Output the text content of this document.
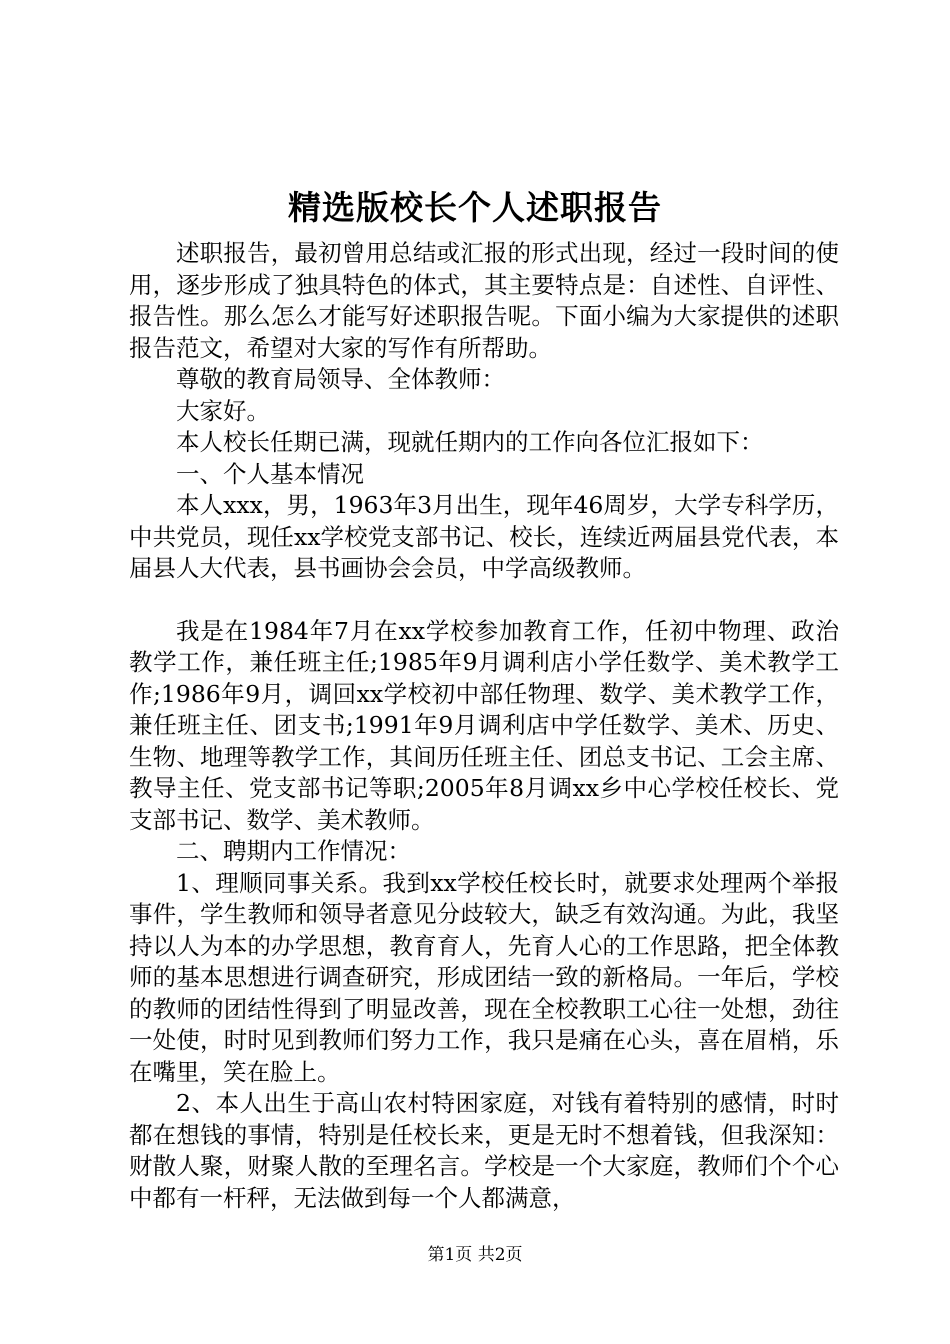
精选版校长个人述职报告

述职报告，最初曾用总结或汇报的形式出现，经过一段时间的使用，逐步形成了独具特色的体式，其主要特点是：自述性、自评性、报告性。那么怎么才能写好述职报告呢。下面小编为大家提供的述职报告范文，希望对大家的写作有所帮助。

尊敬的教育局领导、全体教师：

大家好。

本人校长任期已满，现就任期内的工作向各位汇报如下：

一、个人基本情况

本人xxx，男，1963年3月出生，现年46周岁，大学专科学历，中共党员，现任xx学校党支部书记、校长，连续近两届县党代表，本届县人大代表，县书画协会会员，中学高级教师。

我是在1984年7月在xx学校参加教育工作，任初中物理、政治教学工作，兼任班主任;1985年9月调利店小学任数学、美术教学工作;1986年9月，调回xx学校初中部任物理、数学、美术教学工作，兼任班主任、团支书;1991年9月调利店中学任数学、美术、历史、生物、地理等教学工作，其间历任班主任、团总支书记、工会主席、教导主任、党支部书记等职;2005年8月调xx乡中心学校任校长、党支部书记、数学、美术教师。

二、聘期内工作情况：

1、理顺同事关系。我到xx学校任校长时，就要求处理两个举报事件，学生教师和领导者意见分歧较大，缺乏有效沟通。为此，我坚持以人为本的办学思想，教育育人，先育人心的工作思路，把全体教师的基本思想进行调查研究，形成团结一致的新格局。一年后，学校的教师的团结性得到了明显改善，现在全校教职工心往一处想，劲往一处使，时时见到教师们努力工作，我只是痛在心头，喜在眉梢，乐在嘴里，笑在脸上。

2、本人出生于高山农村特困家庭，对钱有着特别的感情，时时都在想钱的事情，特别是任校长来，更是无时不想着钱，但我深知：财散人聚，财聚人散的至理名言。学校是一个大家庭，教师们个个心中都有一杆秤，无法做到每一个人都满意，

第1页 共2页
